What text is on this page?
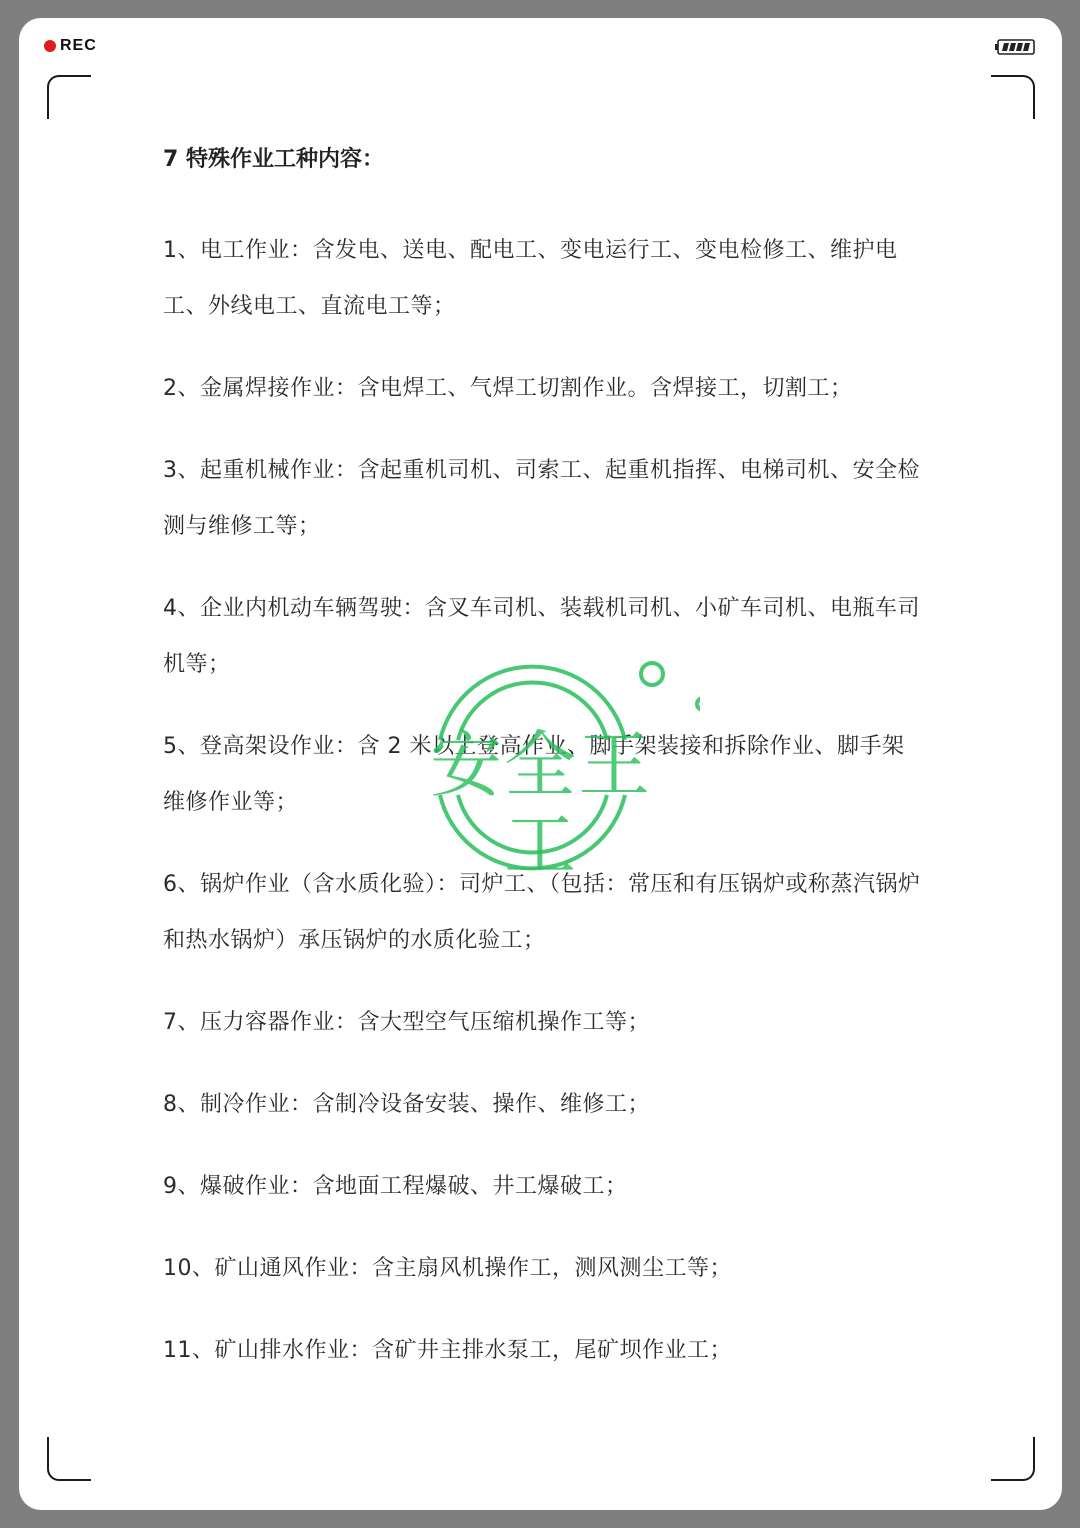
REC
7 特殊作业工种内容：
1、电工作业：含发电、送电、配电工、变电运行工、变电检修工、维护电工、外线电工、直流电工等；
2、金属焊接作业：含电焊工、气焊工切割作业。含焊接工，切割工；
3、起重机械作业：含起重机司机、司索工、起重机指挥、电梯司机、安全检测与维修工等；
4、企业内机动车辆驾驶：含叉车司机、装载机司机、小矿车司机、电瓶车司机等；
5、登高架设作业：含 2 米以上登高作业、脚手架装接和拆除作业、脚手架维修作业等；
6、锅炉作业（含水质化验）：司炉工、（包括：常压和有压锅炉或称蒸汽锅炉和热水锅炉）承压锅炉的水质化验工；
7、压力容器作业：含大型空气压缩机操作工等；
8、制冷作业：含制冷设备安装、操作、维修工；
9、爆破作业：含地面工程爆破、井工爆破工；
10、矿山通风作业：含主扇风机操作工，测风测尘工等；
11、矿山排水作业：含矿井主排水泵工，尾矿坝作业工；
安全王工
